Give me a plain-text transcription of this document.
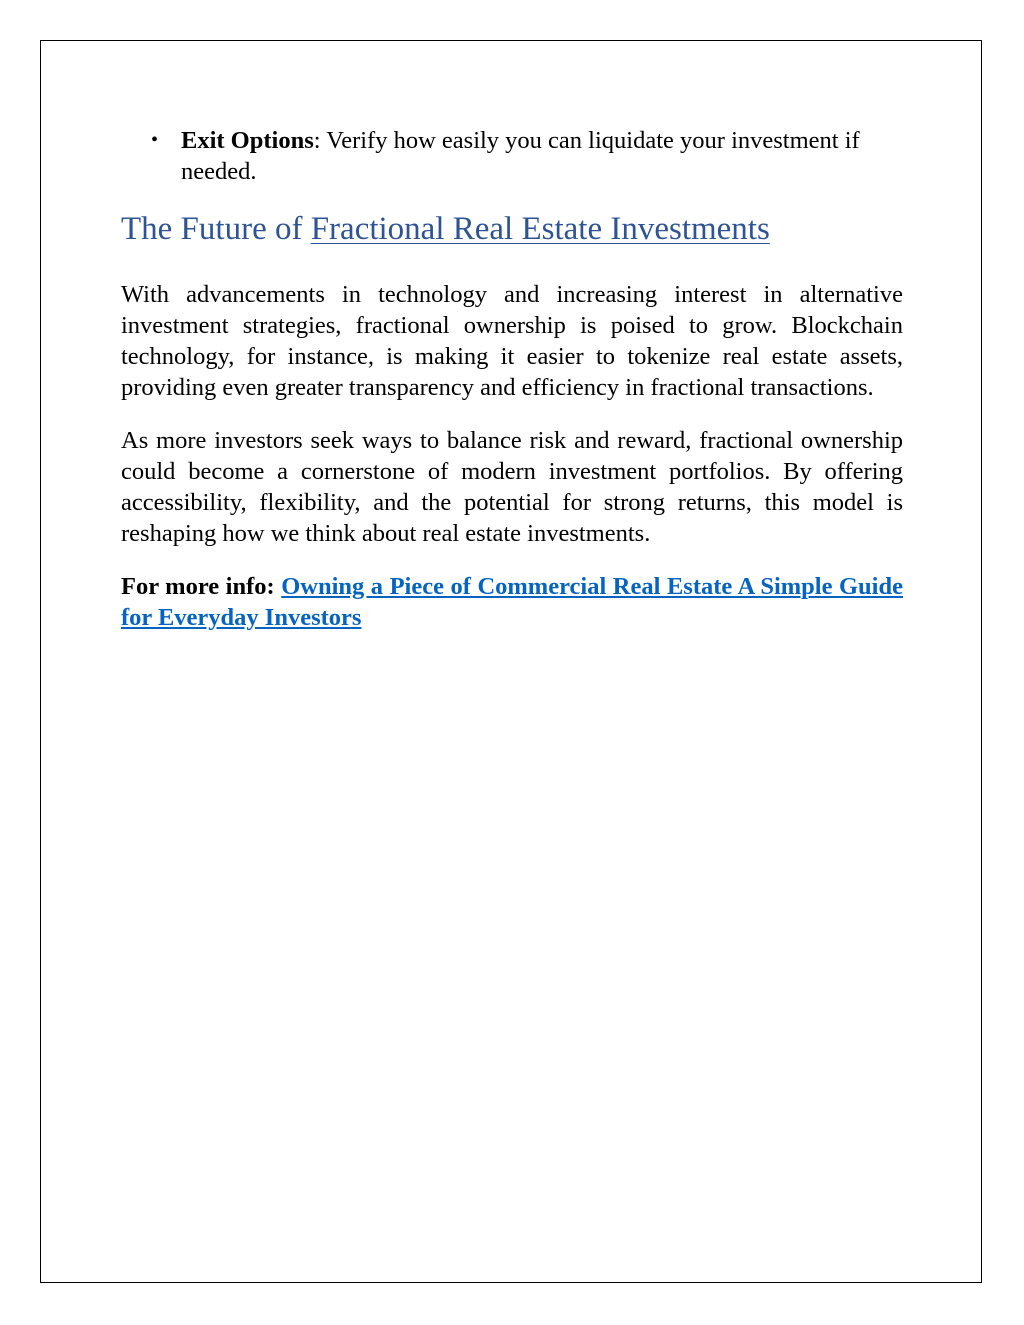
• Exit Options: Verify how easily you can liquidate your investment if needed.
The Future of Fractional Real Estate Investments

With advancements in technology and increasing interest in alternative investment strategies, fractional ownership is poised to grow. Blockchain technology, for instance, is making it easier to tokenize real estate assets, providing even greater transparency and efficiency in fractional transactions.

As more investors seek ways to balance risk and reward, fractional ownership could become a cornerstone of modern investment portfolios. By offering accessibility, flexibility, and the potential for strong returns, this model is reshaping how we think about real estate investments.

For more info: Owning a Piece of Commercial Real Estate A Simple Guide for Everyday Investors
